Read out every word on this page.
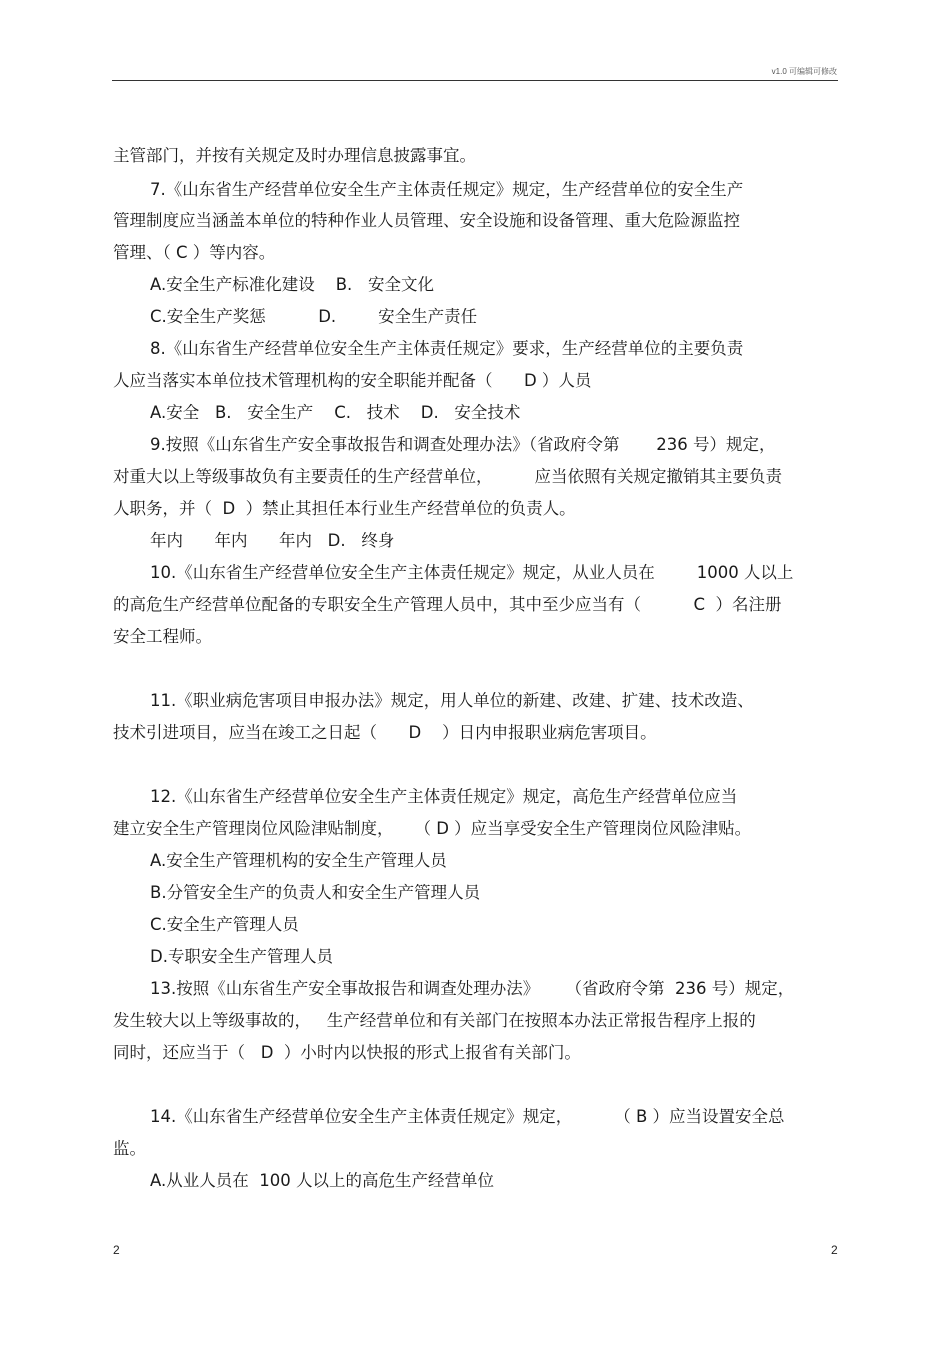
v1.0 可编辑可修改
主管部门，并按有关规定及时办理信息披露事宜。
7.《山东省生产经营单位安全生产主体责任规定》规定，生产经营单位的安全生产
管理制度应当涵盖本单位的特种作业人员管理、安全设施和设备管理、重大危险源监控
管理、（ C ）等内容。
A.安全生产标准化建设    B.   安全文化
C.安全生产奖惩          D.        安全生产责任
8.《山东省生产经营单位安全生产主体责任规定》要求，生产经营单位的主要负责
人应当落实本单位技术管理机构的安全职能并配备（      D ）人员
A.安全   B.   安全生产    C.   技术    D.   安全技术
9.按照《山东省生产安全事故报告和调查处理办法》（省政府令第       236 号）规定，
对重大以上等级事故负有主要责任的生产经营单位，        应当依照有关规定撤销其主要负责
人职务，并（  D  ）禁止其担任本行业生产经营单位的负责人。
年内      年内      年内   D.   终身
10.《山东省生产经营单位安全生产主体责任规定》规定，从业人员在        1000 人以上
的高危生产经营单位配备的专职安全生产管理人员中，其中至少应当有（          C  ）名注册
安全工程师。
11.《职业病危害项目申报办法》规定，用人单位的新建、改建、扩建、技术改造、
技术引进项目，应当在竣工之日起（      D    ）日内申报职业病危害项目。
12.《山东省生产经营单位安全生产主体责任规定》规定，高危生产经营单位应当
建立安全生产管理岗位风险津贴制度，    （ D ）应当享受安全生产管理岗位风险津贴。
A.安全生产管理机构的安全生产管理人员
B.分管安全生产的负责人和安全生产管理人员
C.安全生产管理人员
D.专职安全生产管理人员
13.按照《山东省生产安全事故报告和调查处理办法》     （省政府令第  236 号）规定，
发生较大以上等级事故的，   生产经营单位和有关部门在按照本办法正常报告程序上报的
同时，还应当于（   D  ）小时内以快报的形式上报省有关部门。
14.《山东省生产经营单位安全生产主体责任规定》规定，        （ B ）应当设置安全总
监。
A.从业人员在  100 人以上的高危生产经营单位
2	2
